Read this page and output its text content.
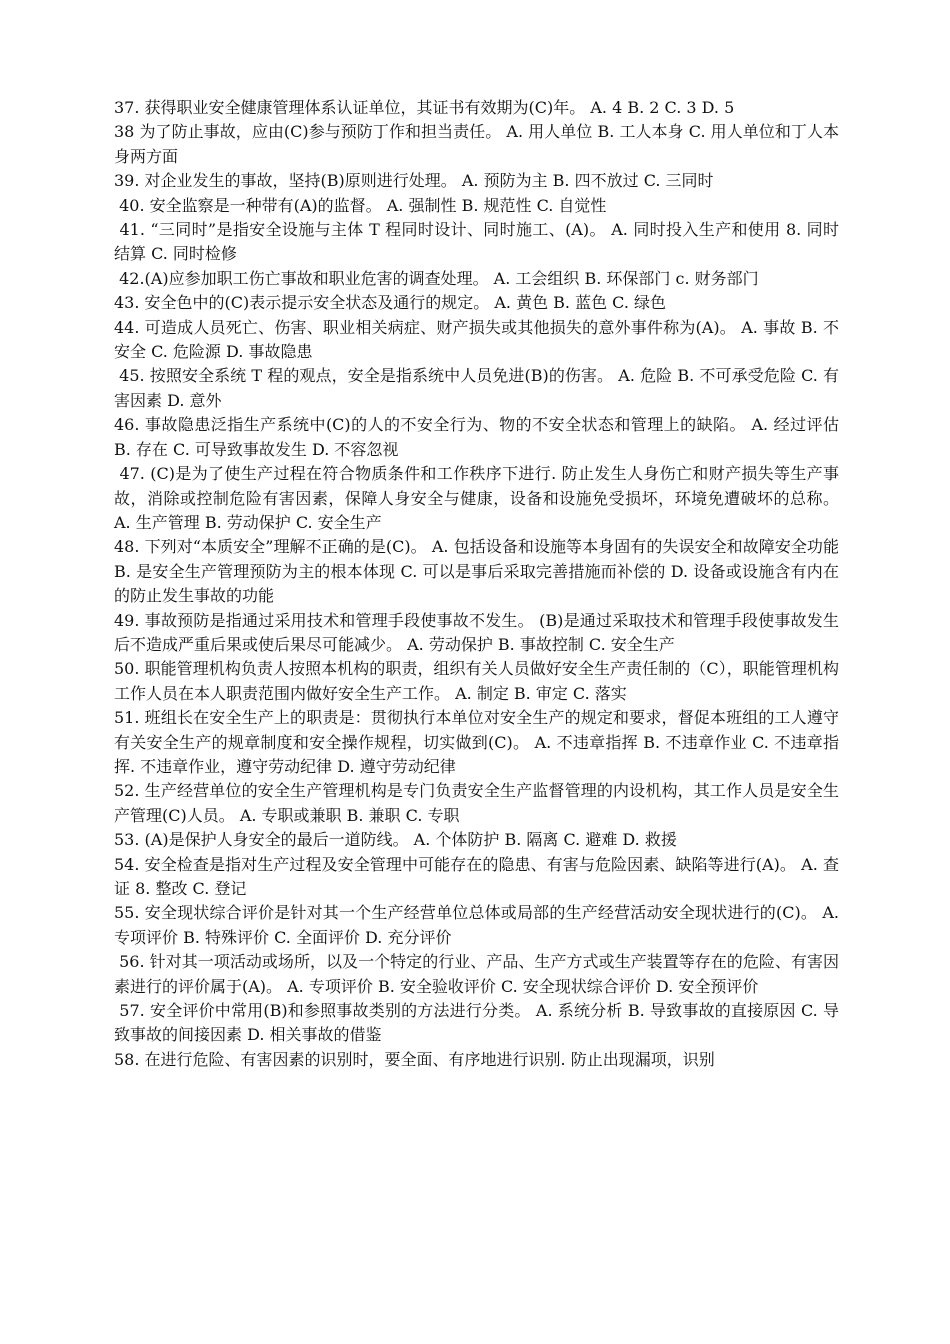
37. 获得职业安全健康管理体系认证单位，其证书有效期为(C)年。 A. 4 B. 2 C. 3 D. 5

38 为了防止事故，应由(C)参与预防丁作和担当责任。 A. 用人单位 B. 工人本身 C. 用人单位和丁人本身两方面

39. 对企业发生的事故，坚持(B)原则进行处理。 A. 预防为主 B. 四不放过 C. 三同时

40. 安全监察是一种带有(A)的监督。 A. 强制性 B. 规范性 C. 自觉性

41. “三同时”是指安全设施与主体 T 程同时设计、同时施工、(A)。 A. 同时投入生产和使用 8. 同时结算 C. 同时检修

42.(A)应参加职工伤亡事故和职业危害的调查处理。 A. 工会组织 B. 环保部门 c. 财务部门

43. 安全色中的(C)表示提示安全状态及通行的规定。 A. 黄色 B. 蓝色 C. 绿色

44. 可造成人员死亡、伤害、职业相关病症、财产损失或其他损失的意外事件称为(A)。 A. 事故 B. 不安全 C. 危险源 D. 事故隐患

45. 按照安全系统 T 程的观点，安全是指系统中人员免进(B)的伤害。 A. 危险 B. 不可承受危险 C. 有害因素 D. 意外

46. 事故隐患泛指生产系统中(C)的人的不安全行为、物的不安全状态和管理上的缺陷。 A. 经过评估 B. 存在 C. 可导致事故发生 D. 不容忽视

47. (C)是为了使生产过程在符合物质条件和工作秩序下进行. 防止发生人身伤亡和财产损失等生产事故，消除或控制危险有害因素，保障人身安全与健康，设备和设施免受损坏，环境免遭破坏的总称。 A. 生产管理 B. 劳动保护 C. 安全生产

48. 下列对“本质安全”理解不正确的是(C)。 A. 包括设备和设施等本身固有的失误安全和故障安全功能 B. 是安全生产管理预防为主的根本体现 C. 可以是事后采取完善措施而补偿的 D. 设备或设施含有内在的防止发生事故的功能

49. 事故预防是指通过采用技术和管理手段使事故不发生。 (B)是通过采取技术和管理手段使事故发生后不造成严重后果或使后果尽可能减少。 A. 劳动保护 B. 事故控制 C. 安全生产

50. 职能管理机构负责人按照本机构的职责，组织有关人员做好安全生产责任制的（C），职能管理机构工作人员在本人职责范围内做好安全生产工作。 A. 制定 B. 审定 C. 落实

51. 班组长在安全生产上的职责是：贯彻执行本单位对安全生产的规定和要求，督促本班组的工人遵守有关安全生产的规章制度和安全操作规程，切实做到(C)。 A. 不违章指挥 B. 不违章作业 C. 不违章指挥. 不违章作业，遵守劳动纪律 D. 遵守劳动纪律

52. 生产经营单位的安全生产管理机构是专门负责安全生产监督管理的内设机构，其工作人员是安全生产管理(C)人员。 A. 专职或兼职 B. 兼职 C. 专职

53. (A)是保护人身安全的最后一道防线。 A. 个体防护 B. 隔离 C. 避难 D. 救援

54. 安全检查是指对生产过程及安全管理中可能存在的隐患、有害与危险因素、缺陷等进行(A)。 A. 查证 8. 整改 C. 登记

55. 安全现状综合评价是针对其一个生产经营单位总体或局部的生产经营活动安全现状进行的(C)。 A. 专项评价 B. 特殊评价 C. 全面评价 D. 充分评价

56. 针对其一项活动或场所，以及一个特定的行业、产品、生产方式或生产装置等存在的危险、有害因素进行的评价属于(A)。 A. 专项评价 B. 安全验收评价 C. 安全现状综合评价 D. 安全预评价

57. 安全评价中常用(B)和参照事故类别的方法进行分类。 A. 系统分析 B. 导致事故的直接原因 C. 导致事故的间接因素 D. 相关事故的借鉴

58. 在进行危险、有害因素的识别时，要全面、有序地进行识别. 防止出现漏项，识别
